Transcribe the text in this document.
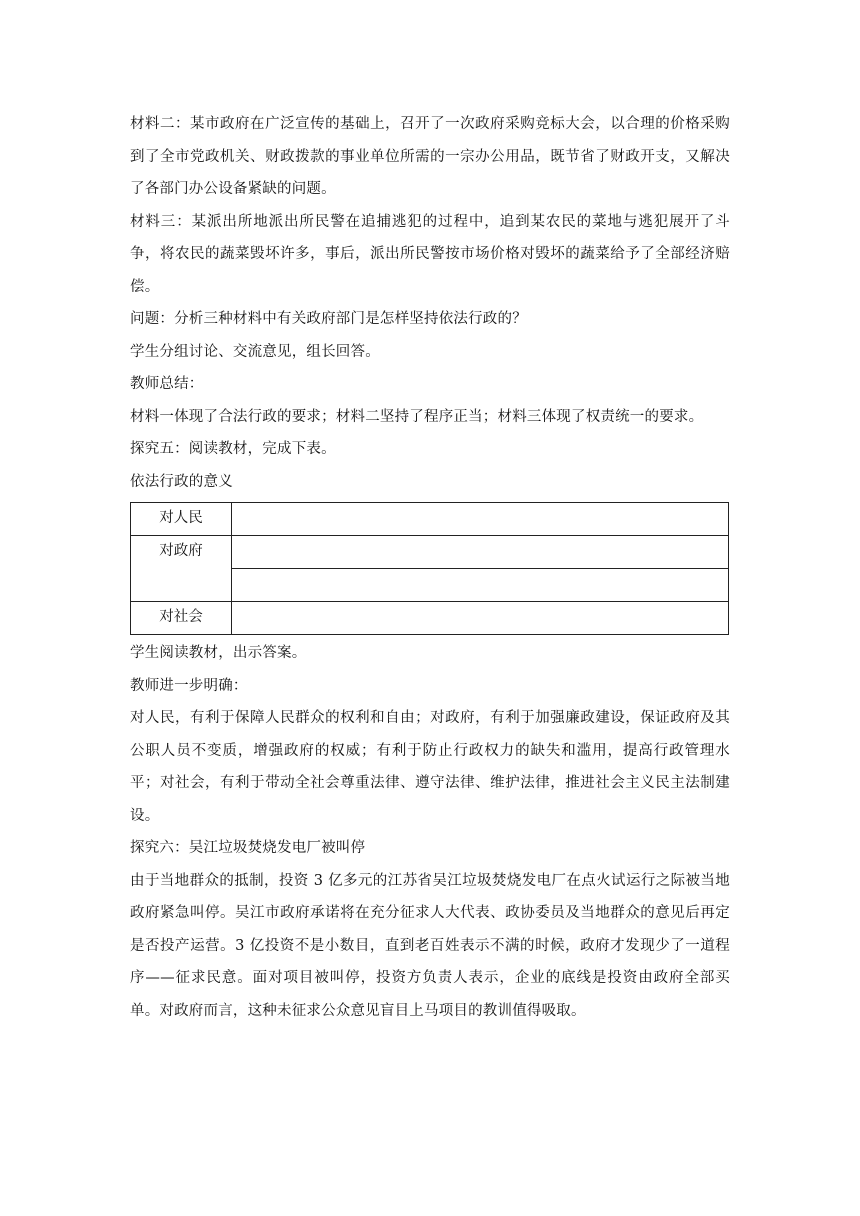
材料二：某市政府在广泛宣传的基础上，召开了一次政府采购竞标大会，以合理的价格采购到了全市党政机关、财政拨款的事业单位所需的一宗办公用品，既节省了财政开支，又解决了各部门办公设备紧缺的问题。

材料三：某派出所地派出所民警在追捕逃犯的过程中，追到某农民的菜地与逃犯展开了斗争，将农民的蔬菜毁坏许多，事后，派出所民警按市场价格对毁坏的蔬菜给予了全部经济赔偿。

问题：分析三种材料中有关政府部门是怎样坚持依法行政的？

学生分组讨论、交流意见，组长回答。

教师总结：

材料一体现了合法行政的要求；材料二坚持了程序正当；材料三体现了权责统一的要求。

探究五：阅读教材，完成下表。

依法行政的意义

对人民	
对政府	

对社会	

学生阅读教材，出示答案。

教师进一步明确：

对人民，有利于保障人民群众的权利和自由；对政府，有利于加强廉政建设，保证政府及其公职人员不变质，增强政府的权威；有利于防止行政权力的缺失和滥用，提高行政管理水平；对社会，有利于带动全社会尊重法律、遵守法律、维护法律，推进社会主义民主法制建设。

探究六：吴江垃圾焚烧发电厂被叫停

由于当地群众的抵制，投资 3 亿多元的江苏省吴江垃圾焚烧发电厂在点火试运行之际被当地政府紧急叫停。吴江市政府承诺将在充分征求人大代表、政协委员及当地群众的意见后再定是否投产运营。3 亿投资不是小数目，直到老百姓表示不满的时候，政府才发现少了一道程序——征求民意。面对项目被叫停，投资方负责人表示，企业的底线是投资由政府全部买单。对政府而言，这种未征求公众意见盲目上马项目的教训值得吸取。
